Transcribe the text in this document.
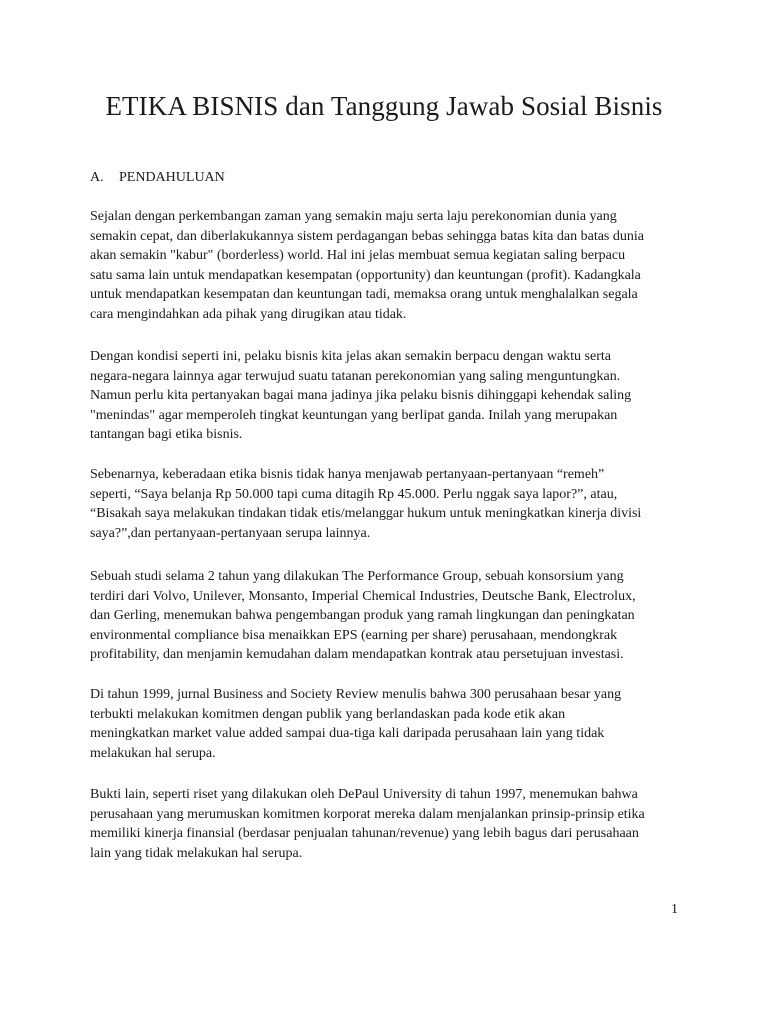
ETIKA BISNIS dan Tanggung Jawab Sosial Bisnis
A. PENDAHULUAN

Sejalan dengan perkembangan zaman yang semakin maju serta laju perekonomian dunia yang
semakin cepat, dan diberlakukannya sistem perdagangan bebas sehingga batas kita dan batas dunia
akan semakin "kabur" (borderless) world. Hal ini jelas membuat semua kegiatan saling berpacu
satu sama lain untuk mendapatkan kesempatan (opportunity) dan keuntungan (profit). Kadangkala
untuk mendapatkan kesempatan dan keuntungan tadi, memaksa orang untuk menghalalkan segala
cara mengindahkan ada pihak yang dirugikan atau tidak.

Dengan kondisi seperti ini, pelaku bisnis kita jelas akan semakin berpacu dengan waktu serta
negara-negara lainnya agar terwujud suatu tatanan perekonomian yang saling menguntungkan.
Namun perlu kita pertanyakan bagai mana jadinya jika pelaku bisnis dihinggapi kehendak saling
"menindas" agar memperoleh tingkat keuntungan yang berlipat ganda. Inilah yang merupakan
tantangan bagi etika bisnis.

Sebenarnya, keberadaan etika bisnis tidak hanya menjawab pertanyaan-pertanyaan “remeh”
seperti, “Saya belanja Rp 50.000 tapi cuma ditagih Rp 45.000. Perlu nggak saya lapor?”, atau,
“Bisakah saya melakukan tindakan tidak etis/melanggar hukum untuk meningkatkan kinerja divisi
saya?”,dan pertanyaan-pertanyaan serupa lainnya.

Sebuah studi selama 2 tahun yang dilakukan The Performance Group, sebuah konsorsium yang
terdiri dari Volvo, Unilever, Monsanto, Imperial Chemical Industries, Deutsche Bank, Electrolux,
dan Gerling, menemukan bahwa pengembangan produk yang ramah lingkungan dan peningkatan
environmental compliance bisa menaikkan EPS (earning per share) perusahaan, mendongkrak
profitability, dan menjamin kemudahan dalam mendapatkan kontrak atau persetujuan investasi.

Di tahun 1999, jurnal Business and Society Review menulis bahwa 300 perusahaan besar yang
terbukti melakukan komitmen dengan publik yang berlandaskan pada kode etik akan
meningkatkan market value added sampai dua-tiga kali daripada perusahaan lain yang tidak
melakukan hal serupa.

Bukti lain, seperti riset yang dilakukan oleh DePaul University di tahun 1997, menemukan bahwa
perusahaan yang merumuskan komitmen korporat mereka dalam menjalankan prinsip-prinsip etika
memiliki kinerja finansial (berdasar penjualan tahunan/revenue) yang lebih bagus dari perusahaan
lain yang tidak melakukan hal serupa.

1
